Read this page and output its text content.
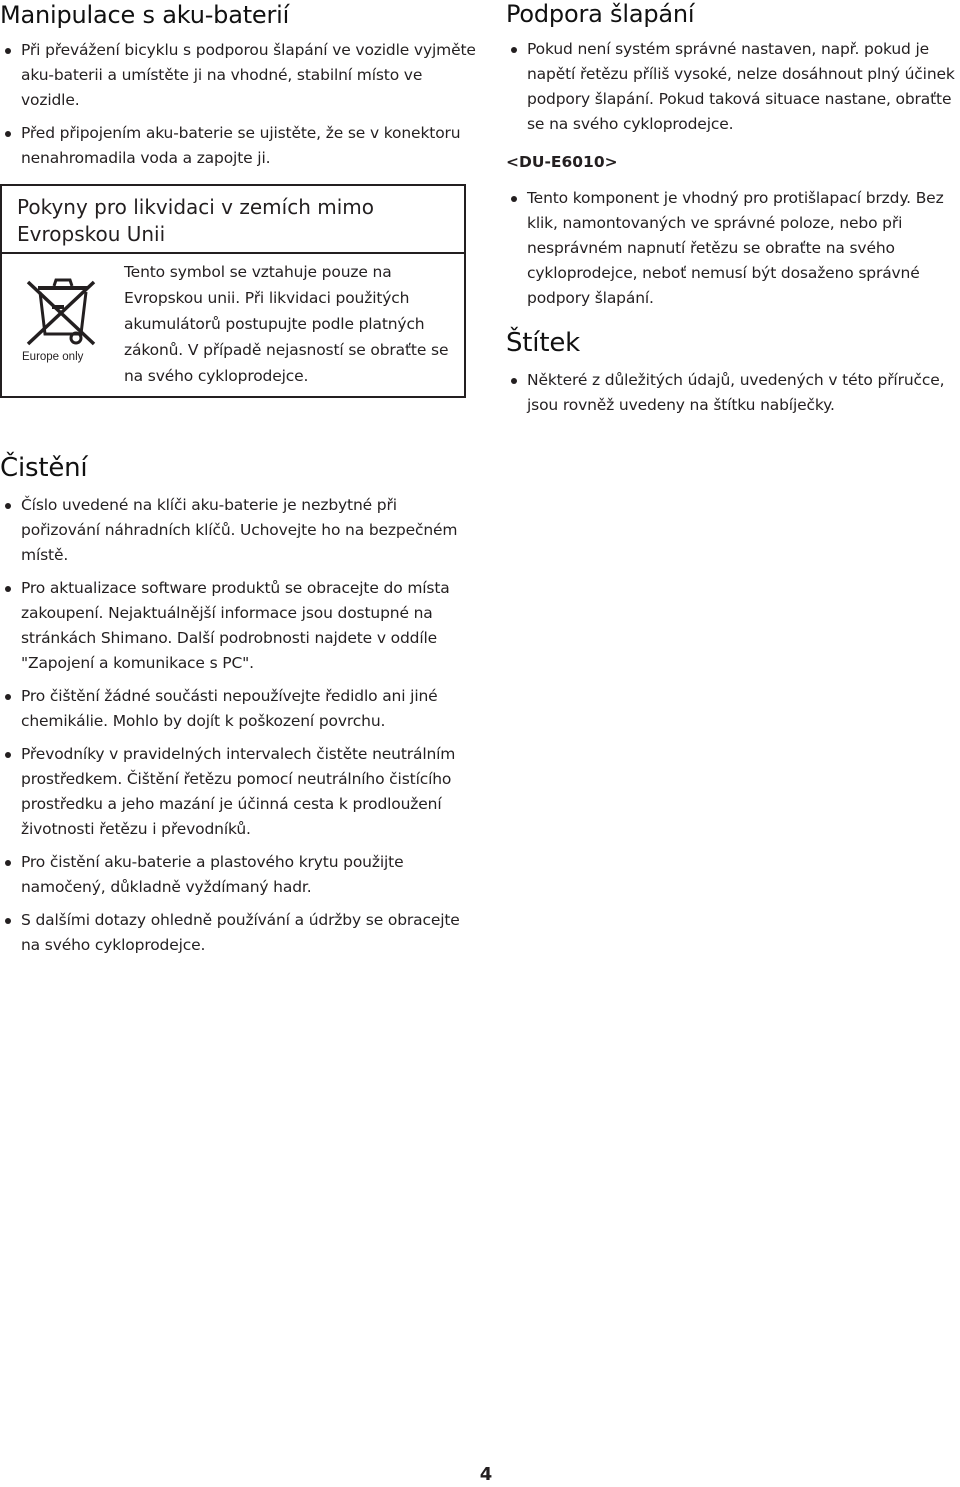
Manipulace s aku-baterií
Při převážení bicyklu s podporou šlapání ve vozidle vyjměte aku-baterii a umístěte ji na vhodné, stabilní místo ve vozidle.
Před připojením aku-baterie se ujistěte, že se v konektoru nenahromadila voda a zapojte ji.
Pokyny pro likvidaci v zemích mimo Evropskou Unii
Europe only

Tento symbol se vztahuje pouze na Evropskou unii. Při likvidaci použitých akumulátorů postupujte podle platných zákonů. V případě nejasností se obraťte se na svého cykloprodejce.

Podpora šlapání
Pokud není systém správné nastaven, např. pokud je napětí řetězu příliš vysoké, nelze dosáhnout plný účinek podpory šlapání. Pokud taková situace nastane, obraťte se na svého cykloprodejce.

<DU-E6010>

Tento komponent je vhodný pro protišlapací brzdy. Bez klik, namontovaných ve správné poloze, nebo při nesprávném napnutí řetězu se obraťte na svého cykloprodejce, neboť nemusí být dosaženo správné podpory šlapání.
Štítek
Některé z důležitých údajů, uvedených v této příručce, jsou rovněž uvedeny na štítku nabíječky.
Čistění
Číslo uvedené na klíči aku-baterie je nezbytné při pořizování náhradních klíčů. Uchovejte ho na bezpečném místě.
Pro aktualizace software produktů se obracejte do místa zakoupení. Nejaktuálnější informace jsou dostupné na stránkách Shimano. Další podrobnosti najdete v oddíle "Zapojení a komunikace s PC".
Pro čištění žádné součásti nepoužívejte ředidlo ani jiné chemikálie. Mohlo by dojít k poškození povrchu.
Převodníky v pravidelných intervalech čistěte neutrálním prostředkem. Čištění řetězu pomocí neutrálního čistícího prostředku a jeho mazání je účinná cesta k prodloužení životnosti řetězu i převodníků.
Pro čistění aku-baterie a plastového krytu použijte namočený, důkladně vyždímaný hadr.
S dalšími dotazy ohledně používání a údržby se obracejte na svého cykloprodejce.
4
